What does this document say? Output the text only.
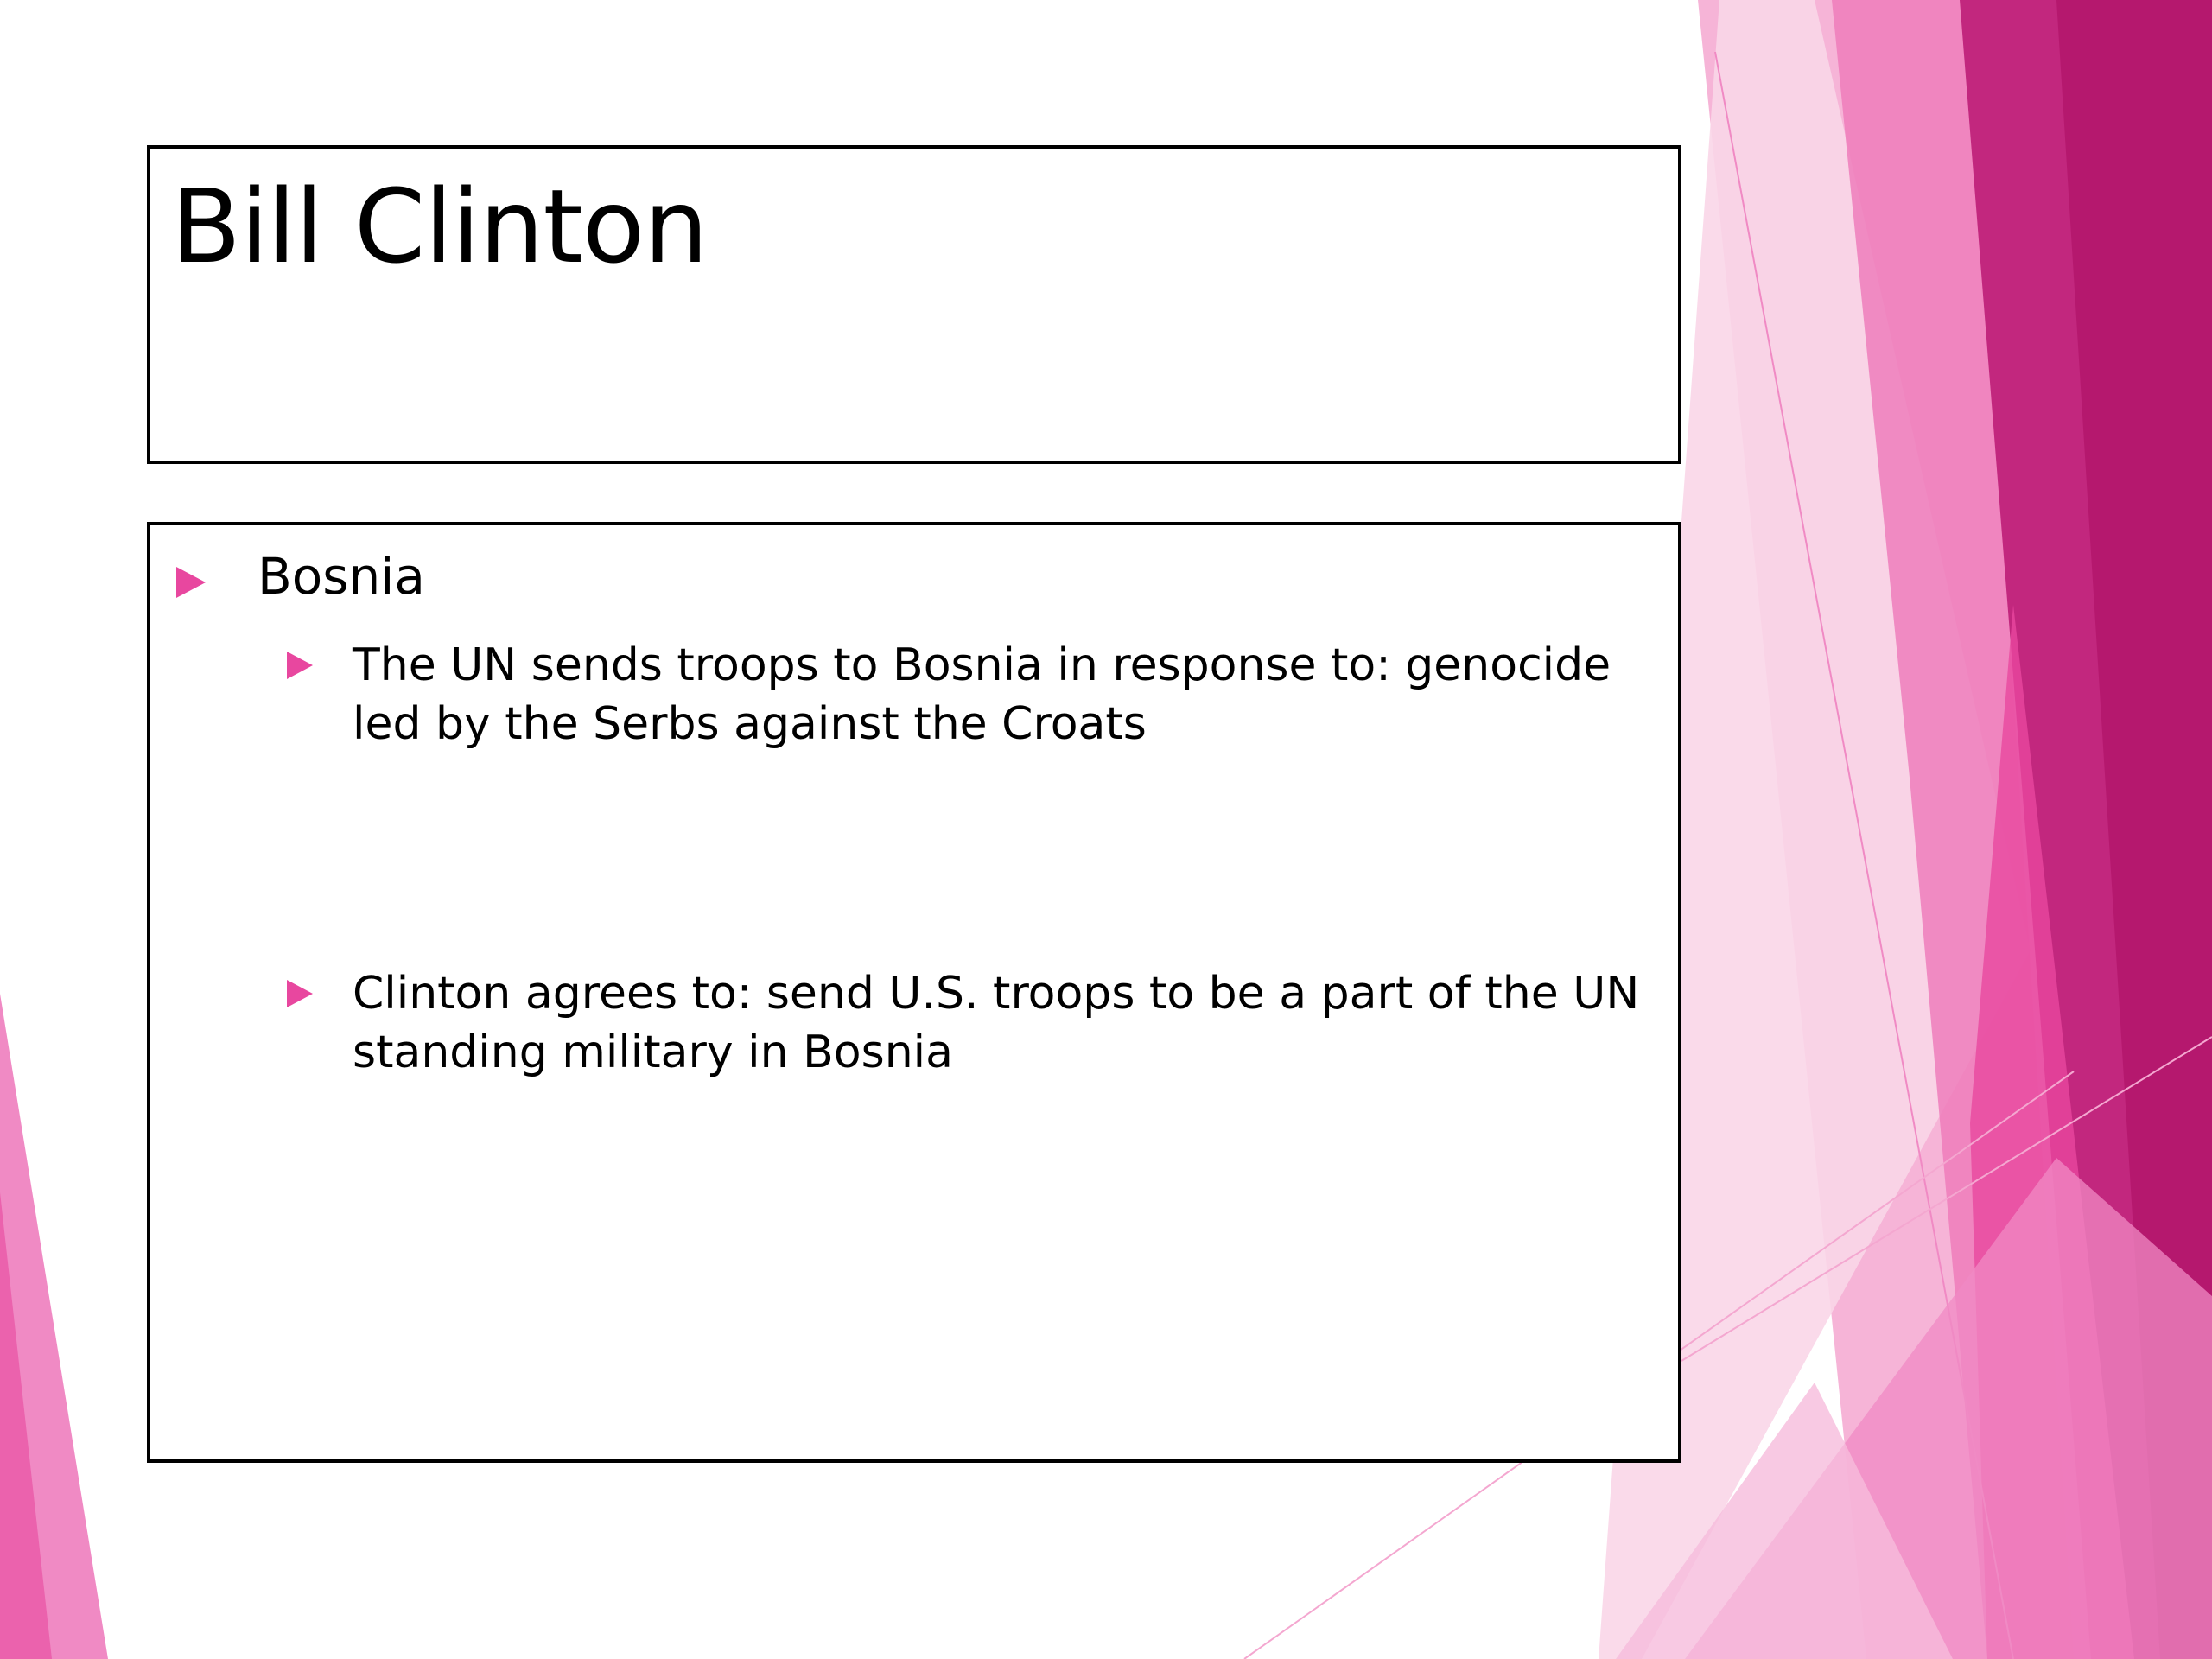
Bill Clinton
Bosnia
The UN sends troops to Bosnia in response to: genocide led by the Serbs against the Croats
Clinton agrees to: send U.S. troops to be a part of the UN standing military in Bosnia
